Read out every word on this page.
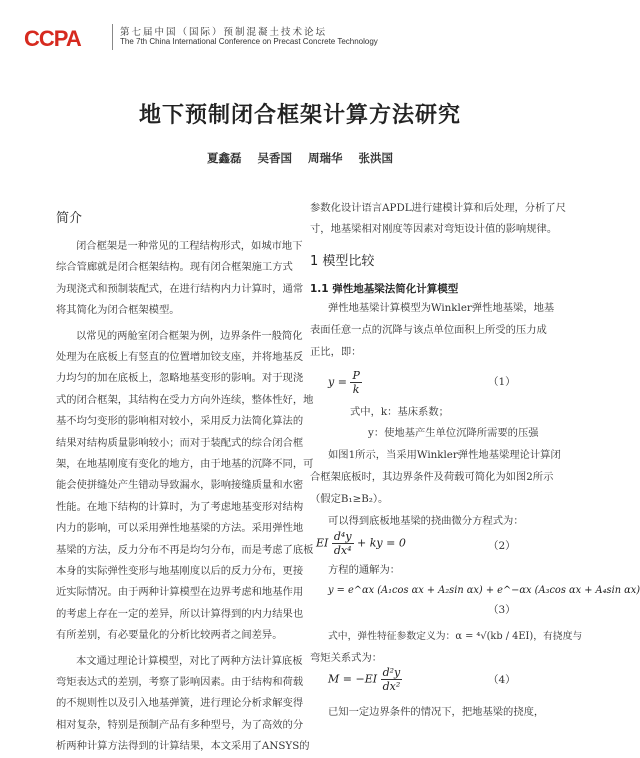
CCPA	第七届中国（国际）预制混凝土技术论坛
The 7th China International Conference on Precast Concrete Technology
地下预制闭合框架计算方法研究
夏鑫磊 吴香国 周瑞华 张洪国
简介
闭合框架是一种常见的工程结构形式，如城市地下
综合管廊就是闭合框架结构。现有闭合框架施工方式
为现浇式和预制装配式，在进行结构内力计算时，通常
将其简化为闭合框架模型。
以常见的两舱室闭合框架为例，边界条件一般简化
处理为在底板上有竖直的位置增加铰支座，并将地基反
力均匀的加在底板上，忽略地基变形的影响。对于现浇
式的闭合框架，其结构在受力方向外连续，整体性好，地
基不均匀变形的影响相对较小，采用反力法简化算法的
结果对结构质量影响较小；而对于装配式的综合闭合框
架，在地基刚度有变化的地方，由于地基的沉降不同，可
能会使拼缝处产生错动导致漏水，影响接缝质量和水密
性能。在地下结构的计算时，为了考虑地基变形对结构
内力的影响，可以采用弹性地基梁的方法。采用弹性地
基梁的方法，反力分布不再是均匀分布，而是考虑了底板
本身的实际弹性变形与地基刚度以后的反力分布，更接
近实际情况。由于两种计算模型在边界考虑和地基作用
的考虑上存在一定的差异，所以计算得到的内力结果也
有所差别，有必要量化的分析比较两者之间差异。
本文通过理论计算模型，对比了两种方法计算底板
弯矩表达式的差别，考察了影响因素。由于结构和荷载
的不规则性以及引入地基弹簧，进行理论分析求解变得
相对复杂，特别是预制产品有多种型号，为了高效的分
析两种计算方法得到的计算结果，本文采用了ANSYS的
参数化设计语言APDL进行建模计算和后处理，分析了尺
寸，地基梁相对刚度等因素对弯矩设计值的影响规律。
1 模型比较
1.1 弹性地基梁法简化计算模型
弹性地基梁计算模型为Winkler弹性地基梁，地基
表面任意一点的沉降与该点单位面积上所受的压力成
正比，即：
$y = \frac{P}{k}$	（1）
式中，k：基床系数；
y：使地基产生单位沉降所需要的压强
如图1所示，当采用Winkler弹性地基梁理论计算闭
合框架底板时，其边界条件及荷载可简化为如图2所示
（假定B₁≥B₂）。
可以得到底板地基梁的挠曲微分方程式为：
EI $\frac{\text{d⁴y}}{\text{dx⁴}}$ + ky = 0	（2）
方程的通解为：
y = e^αx (A₁cos αx + A₂sin αx) + e^−αx (A₃cos αx + A₄sin αx)
（3）
式中，弹性特征参数定义为：α = ⁴√(kb / 4EI)，有挠度与
弯矩关系式为：
$M = -EI \frac{\text{d²y}}{\text{dx²}}$	（4）
已知一定边界条件的情况下，把地基梁的挠度，
